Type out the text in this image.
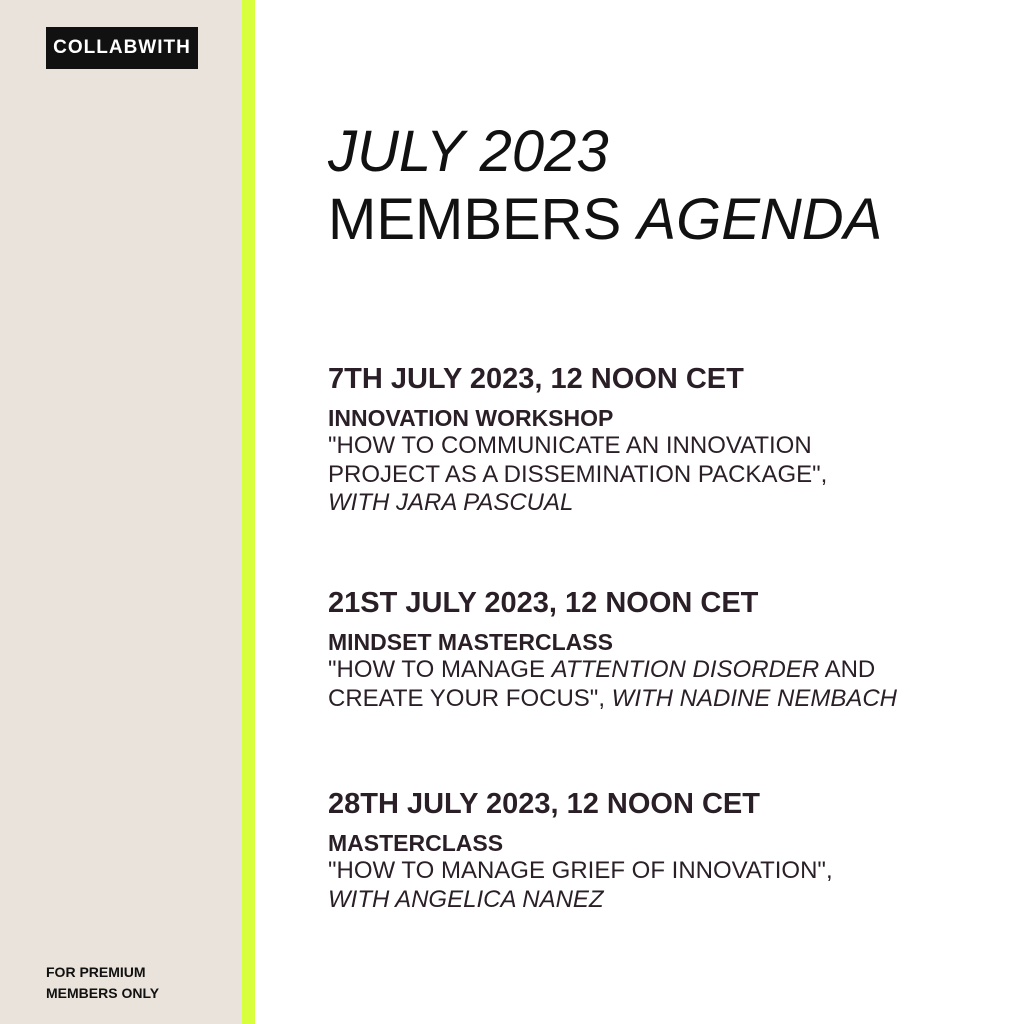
COLLABWITH
JULY 2023
MEMBERS AGENDA
7TH JULY 2023, 12 NOON CET
INNOVATION WORKSHOP
"HOW TO COMMUNICATE AN INNOVATION
PROJECT AS A DISSEMINATION PACKAGE",
WITH JARA PASCUAL
21ST JULY 2023, 12 NOON CET
MINDSET MASTERCLASS
"HOW TO MANAGE ATTENTION DISORDER AND
CREATE YOUR FOCUS", WITH NADINE NEMBACH
28TH JULY 2023, 12 NOON CET
MASTERCLASS
"HOW TO MANAGE GRIEF OF INNOVATION",
WITH ANGELICA NANEZ
FOR PREMIUM
MEMBERS ONLY
